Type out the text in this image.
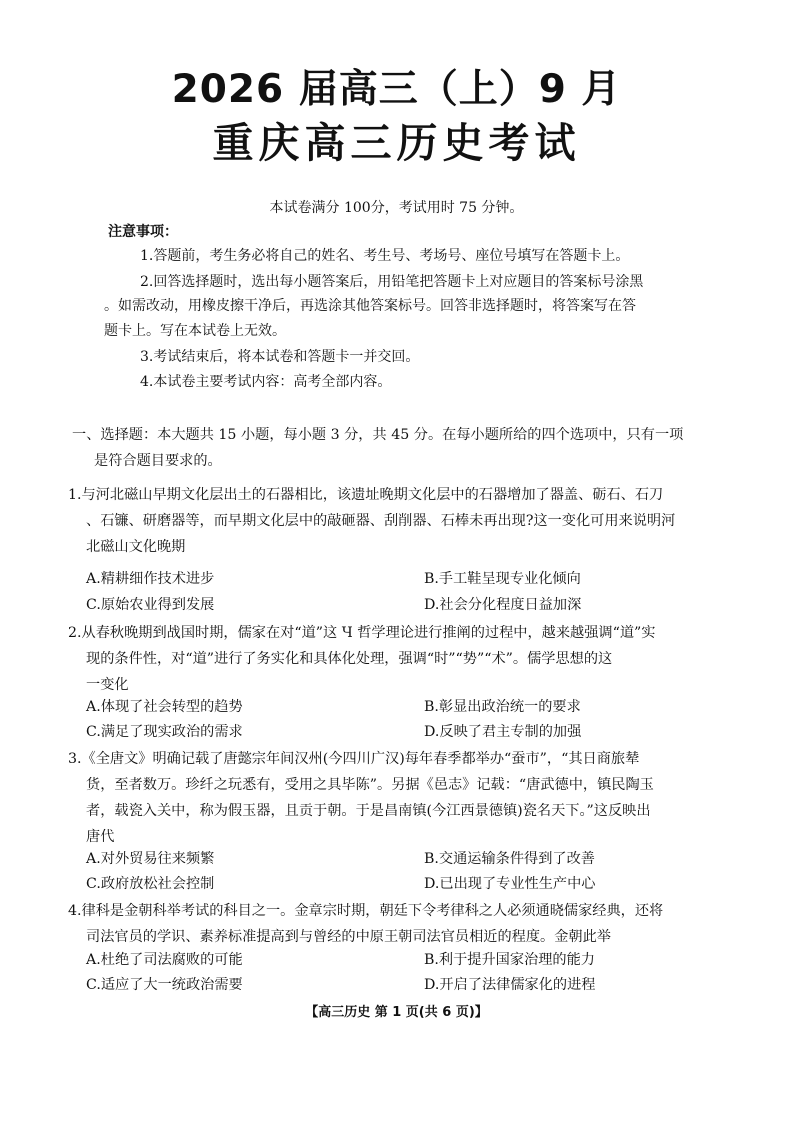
2026 届高三（上）9 月
重庆高三历史考试
本试卷满分 100分，考试用时 75 分钟。
注意事项：
1.答题前，考生务必将自己的姓名、考生号、考场号、座位号填写在答题卡上。
2.回答选择题时，选出每小题答案后，用铅笔把答题卡上对应题目的答案标号涂黑
。如需改动，用橡皮擦干净后，再选涂其他答案标号。回答非选择题时，将答案写在答
题卡上。写在本试卷上无效。
3.考试结束后，将本试卷和答题卡一并交回。
4.本试卷主要考试内容：高考全部内容。
一、选择题：本大题共 15 小题，每小题 3 分，共 45 分。在每小题所给的四个选项中，只有一项
是符合题目要求的。
1.与河北磁山早期文化层出土的石器相比，该遗址晚期文化层中的石器增加了器盖、砺石、石刀
、石镰、研磨器等，而早期文化层中的敲砸器、刮削器、石棒未再出现?这一变化可用来说明河
北磁山文化晚期
A.精耕细作技术进步	B.手工鞋呈现专业化倾向
C.原始农业得到发展	D.社会分化程度日益加深
2.从春秋晚期到战国时期，儒家在对“道”这 Ч 哲学理论进行推阐的过程中，越来越强调“道”实
现的条件性，对“道”进行了务实化和具体化处理，强调“时”“势”“术”。儒学思想的这
一变化
A.体现了社会转型的趋势	B.彰显出政治统一的要求
C.满足了现实政治的需求	D.反映了君主专制的加强
3.《全唐文》明确记载了唐懿宗年间汉州(今四川广汉)每年春季都举办“蚕市”，“其日商旅辇
货，至者数万。珍纤之玩悉有，受用之具毕陈”。另据《邑志》记载：“唐武德中，镇民陶玉
者，载瓷入关中，称为假玉器，且贡于朝。于是昌南镇(今江西景德镇)瓷名天下。”这反映出
唐代
A.对外贸易往来频繁	B.交通运输条件得到了改善
C.政府放松社会控制	D.已出现了专业性生产中心
4.律科是金朝科举考试的科目之一。金章宗时期，朝廷下令考律科之人必须通晓儒家经典，还将
司法官员的学识、素养标准提高到与曾经的中原王朝司法官员相近的程度。金朝此举
A.杜绝了司法腐败的可能	B.利于提升国家治理的能力
C.适应了大一统政治需要	D.开启了法律儒家化的进程
【高三历史 第 1 页(共 6 页)】
